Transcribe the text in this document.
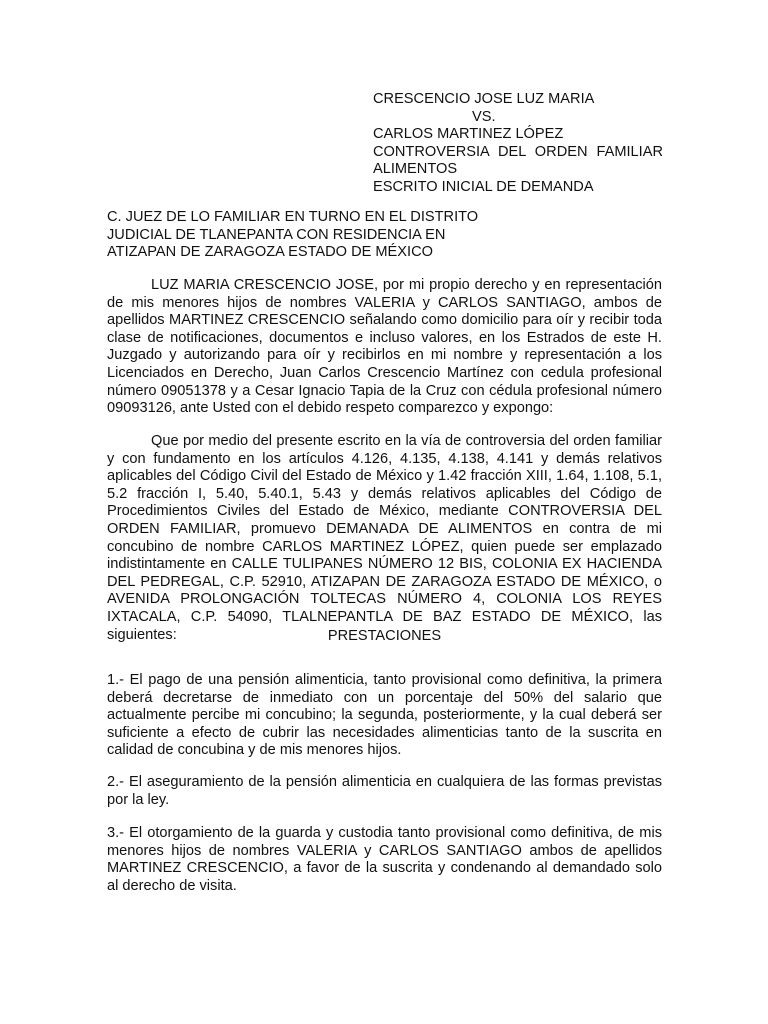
CRESCENCIO JOSE LUZ MARIA
VS.
CARLOS MARTINEZ LÓPEZ
CONTROVERSIA DEL ORDEN FAMILIAR
ALIMENTOS
ESCRITO INICIAL DE DEMANDA
C. JUEZ DE LO FAMILIAR EN TURNO EN EL DISTRITO
JUDICIAL DE TLANEPANTA CON RESIDENCIA EN
ATIZAPAN DE ZARAGOZA ESTADO DE MÉXICO

LUZ MARIA CRESCENCIO JOSE, por mi propio derecho y en representación de mis menores hijos de nombres VALERIA y CARLOS SANTIAGO, ambos de apellidos MARTINEZ CRESCENCIO señalando como domicilio para oír y recibir toda clase de notificaciones, documentos e incluso valores, en los Estrados de este H. Juzgado y autorizando para oír y recibirlos en mi nombre y representación a los Licenciados en Derecho, Juan Carlos Crescencio Martínez con cedula profesional número 09051378 y a Cesar Ignacio Tapia de la Cruz con cédula profesional número 09093126, ante Usted con el debido respeto comparezco y expongo:

Que por medio del presente escrito en la vía de controversia del orden familiar y con fundamento en los artículos 4.126, 4.135, 4.138, 4.141 y demás relativos aplicables del Código Civil del Estado de México y 1.42 fracción XIII, 1.64, 1.108, 5.1, 5.2 fracción I, 5.40, 5.40.1, 5.43 y demás relativos aplicables del Código de Procedimientos Civiles del Estado de México, mediante CONTROVERSIA DEL ORDEN FAMILIAR, promuevo DEMANADA DE ALIMENTOS en contra de mi concubino de nombre CARLOS MARTINEZ LÓPEZ, quien puede ser emplazado indistintamente en CALLE TULIPANES NÚMERO 12 BIS, COLONIA EX HACIENDA DEL PEDREGAL, C.P. 52910, ATIZAPAN DE ZARAGOZA ESTADO DE MÉXICO, o AVENIDA PROLONGACIÓN TOLTECAS NÚMERO 4, COLONIA LOS REYES IXTACALA, C.P. 54090, TLALNEPANTLA DE BAZ ESTADO DE MÉXICO, las siguientes:	PRESTACIONES

1.- El pago de una pensión alimenticia, tanto provisional como definitiva, la primera deberá decretarse de inmediato con un porcentaje del 50% del salario que actualmente percibe mi concubino; la segunda, posteriormente, y la cual deberá ser suficiente a efecto de cubrir las necesidades alimenticias tanto de la suscrita en calidad de concubina y de mis menores hijos.

2.- El aseguramiento de la pensión alimenticia en cualquiera de las formas previstas por la ley.

3.- El otorgamiento de la guarda y custodia tanto provisional como definitiva, de mis menores hijos de nombres VALERIA y CARLOS SANTIAGO ambos de apellidos MARTINEZ CRESCENCIO, a favor de la suscrita y condenando al demandado solo al derecho de visita.
